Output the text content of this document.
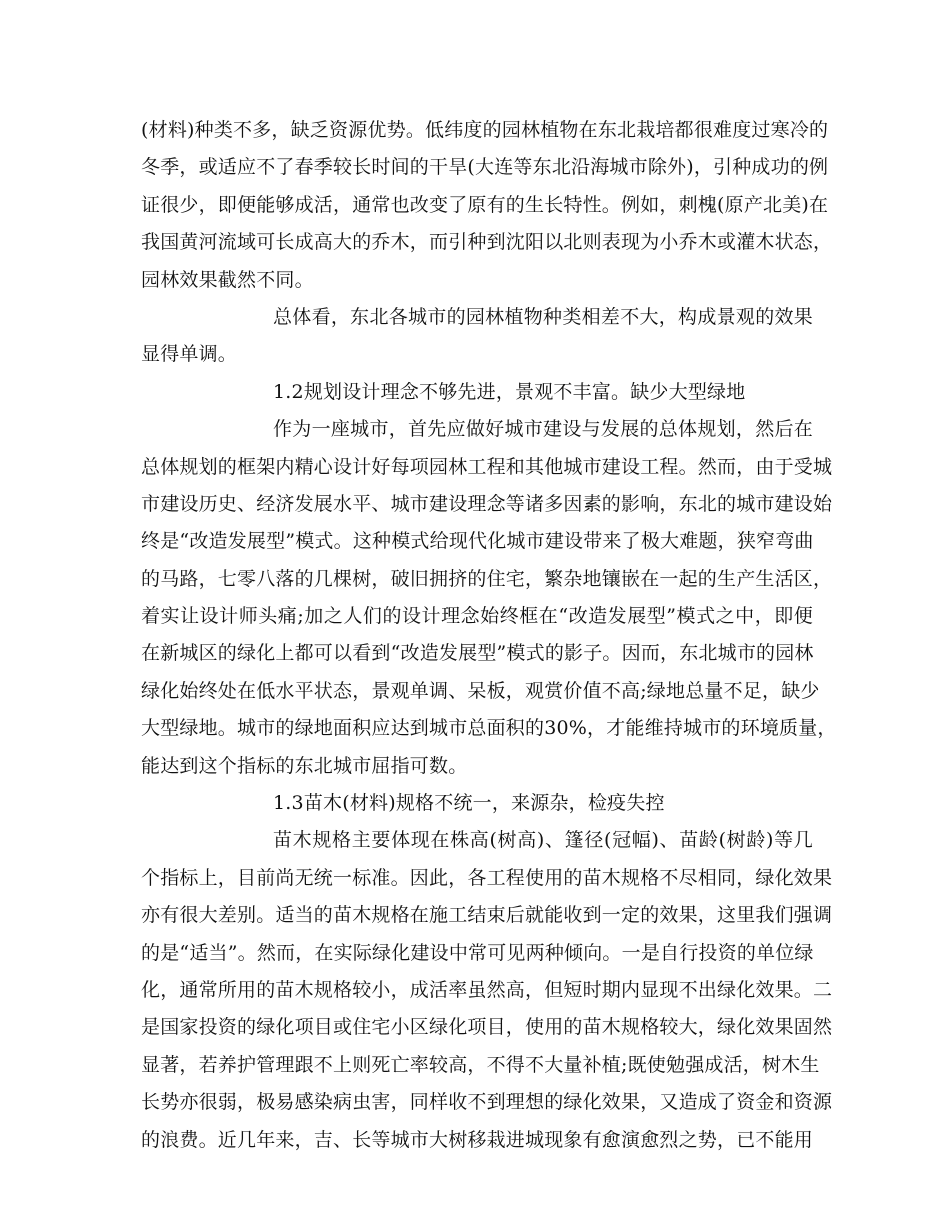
(材料)种类不多，缺乏资源优势。低纬度的园林植物在东北栽培都很难度过寒冷的
冬季，或适应不了春季较长时间的干旱(大连等东北沿海城市除外)，引种成功的例
证很少，即便能够成活，通常也改变了原有的生长特性。例如，刺槐(原产北美)在
我国黄河流域可长成高大的乔木，而引种到沈阳以北则表现为小乔木或灌木状态，
园林效果截然不同。
总体看，东北各城市的园林植物种类相差不大，构成景观的效果
显得单调。
1.2规划设计理念不够先进，景观不丰富。缺少大型绿地
作为一座城市，首先应做好城市建设与发展的总体规划，然后在
总体规划的框架内精心设计好每项园林工程和其他城市建设工程。然而，由于受城
市建设历史、经济发展水平、城市建设理念等诸多因素的影响，东北的城市建设始
终是“改造发展型”模式。这种模式给现代化城市建设带来了极大难题，狭窄弯曲
的马路，七零八落的几棵树，破旧拥挤的住宅，繁杂地镶嵌在一起的生产生活区，
着实让设计师头痛;加之人们的设计理念始终框在“改造发展型”模式之中，即便
在新城区的绿化上都可以看到“改造发展型”模式的影子。因而，东北城市的园林
绿化始终处在低水平状态，景观单调、呆板，观赏价值不高;绿地总量不足，缺少
大型绿地。城市的绿地面积应达到城市总面积的30%，才能维持城市的环境质量，
能达到这个指标的东北城市屈指可数。
1.3苗木(材料)规格不统一，来源杂，检疫失控
苗木规格主要体现在株高(树高)、篷径(冠幅)、苗龄(树龄)等几
个指标上，目前尚无统一标准。因此，各工程使用的苗木规格不尽相同，绿化效果
亦有很大差别。适当的苗木规格在施工结束后就能收到一定的效果，这里我们强调
的是“适当”。然而，在实际绿化建设中常可见两种倾向。一是自行投资的单位绿
化，通常所用的苗木规格较小，成活率虽然高，但短时期内显现不出绿化效果。二
是国家投资的绿化项目或住宅小区绿化项目，使用的苗木规格较大，绿化效果固然
显著，若养护管理跟不上则死亡率较高，不得不大量补植;既使勉强成活，树木生
长势亦很弱，极易感染病虫害，同样收不到理想的绿化效果，又造成了资金和资源
的浪费。近几年来，吉、长等城市大树移栽进城现象有愈演愈烈之势，已不能用
